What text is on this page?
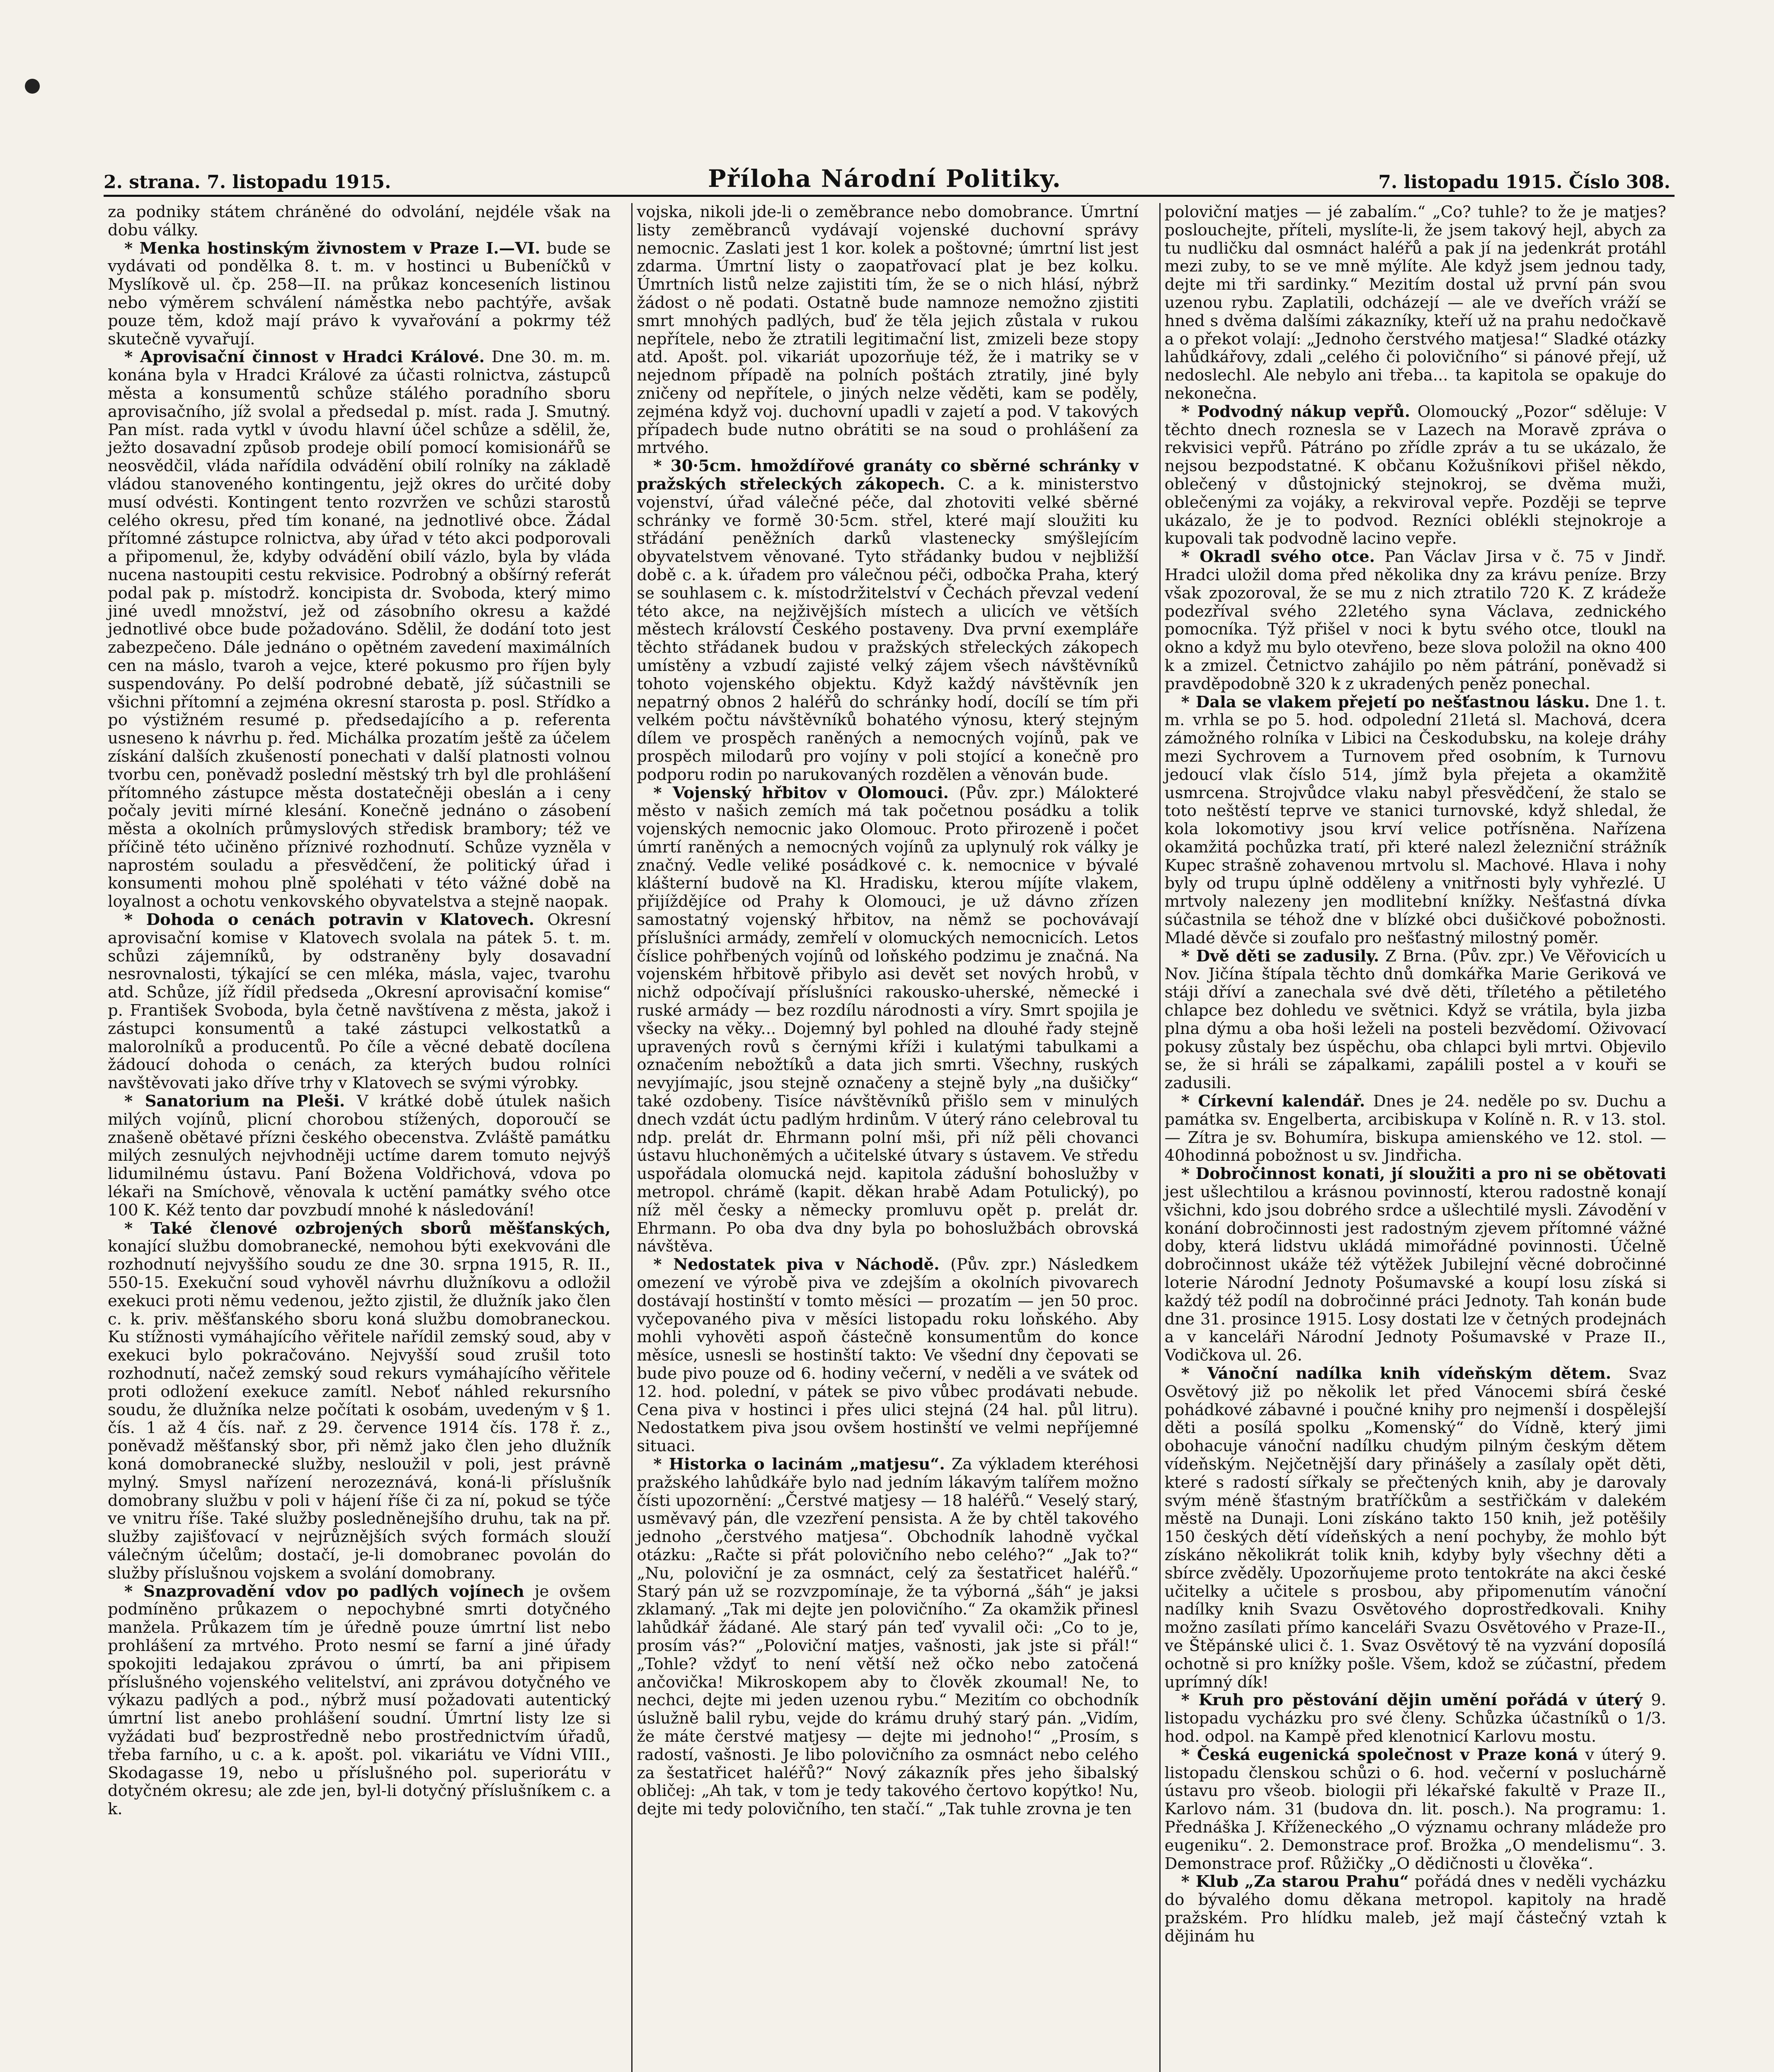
2. strana. 7. listopadu 1915.	Příloha Národní Politiky.	7. listopadu 1915. Číslo 308.

za podniky státem chráněné do odvolání, nejdéle však na dobu války.

* Menka hostinským živnostem v Praze I.—VI. bude se vydávati od pondělka 8. t. m. v hostinci u Bubeníčků v Myslíkově ul. čp. 258—II. na průkaz konceseních listinou nebo výměrem schválení náměstka nebo pachtýře, avšak pouze těm, kdož mají právo k vyvařování a pokrmy též skutečně vyvařují.

* Aprovisační činnost v Hradci Králové. Dne 30. m. m. konána byla v Hradci Králové za účasti rolnictva, zástupců města a konsumentů schůze stálého poradního sboru aprovisačního, jíž svolal a předsedal p. míst. rada J. Smutný. Pan míst. rada vytkl v úvodu hlavní účel schůze a sdělil, že, ježto dosavadní způsob prodeje obilí pomocí komisionářů se neosvědčil, vláda nařídila odvádění obilí rolníky na základě vládou stanoveného kontingentu, jejž okres do určité doby musí odvésti. Kontingent tento rozvržen ve schůzi starostů celého okresu, před tím konané, na jednotlivé obce. Žádal přítomné zástupce rolnictva, aby úřad v této akci podporovali a připomenul, že, kdyby odvádění obilí vázlo, byla by vláda nucena nastoupiti cestu rekvisice. Podrobný a obšírný referát podal pak p. místodrž. koncipista dr. Svoboda, který mimo jiné uvedl množství, jež od zásobního okresu a každé jednotlivé obce bude požadováno. Sdělil, že dodání toto jest zabezpečeno. Dále jednáno o opětném zavedení maximálních cen na máslo, tvaroh a vejce, které pokusmo pro říjen byly suspendovány. Po delší podrobné debatě, jíž súčastnili se všichni přítomní a zejména okresní starosta p. posl. Střídko a po výstižném resumé p. předsedajícího a p. referenta usneseno k návrhu p. řed. Michálka prozatím ještě za účelem získání dalších zkušeností ponechati v další platnosti volnou tvorbu cen, poněvadž poslední městský trh byl dle prohlášení přítomného zástupce města dostatečněji obeslán a i ceny počaly jeviti mírné klesání. Konečně jednáno o zásobení města a okolních průmyslových středisk brambory; též ve příčině této učiněno příznivé rozhodnutí. Schůze vyzněla v naprostém souladu a přesvědčení, že politický úřad i konsumenti mohou plně spoléhati v této vážné době na loyalnost a ochotu venkovského obyvatelstva a stejně naopak.

* Dohoda o cenách potravin v Klatovech. Okresní aprovisační komise v Klatovech svolala na pátek 5. t. m. schůzi zájemníků, by odstraněny byly dosavadní nesrovnalosti, týkající se cen mléka, másla, vajec, tvarohu atd. Schůze, jíž řídil předseda „Okresní aprovisační komise“ p. František Svoboda, byla četně navštívena z města, jakož i zástupci konsumentů a také zástupci velkostatků a malorolníků a producentů. Po číle a věcné debatě docílena žádoucí dohoda o cenách, za kterých budou rolníci navštěvovati jako dříve trhy v Klatovech se svými výrobky.

* Sanatorium na Pleši. V krátké době útulek našich milých vojínů, plicní chorobou stížených, doporoučí se znašeně obětavé přízni českého obecenstva. Zvláště památku milých zesnulých nejvhodněji uctíme darem tomuto nejvýš lidumilnému ústavu. Paní Božena Voldřichová, vdova po lékaři na Smíchově, věnovala k uctění památky svého otce 100 K. Kéž tento dar povzbudí mnohé k následování!

* Také členové ozbrojených sborů měšťanských, konající službu domobranecké, nemohou býti exekvováni dle rozhodnutí nejvyššího soudu ze dne 30. srpna 1915, R. II., 550-15. Exekuční soud vyhověl návrhu dlužníkovu a odložil exekuci proti němu vedenou, ježto zjistil, že dlužník jako člen c. k. priv. měšťanského sboru koná službu domobraneckou. Ku stížnosti vymáhajícího věřitele nařídil zemský soud, aby v exekuci bylo pokračováno. Nejvyšší soud zrušil toto rozhodnutí, načež zemský soud rekurs vymáhajícího věřitele proti odložení exekuce zamítl. Neboť náhled rekursního soudu, že dlužníka nelze počítati k osobám, uvedeným v § 1. čís. 1 až 4 čís. nař. z 29. července 1914 čís. 178 ř. z., poněvadž měšťanský sbor, při němž jako člen jeho dlužník koná domobranecké služby, nesloužil v poli, jest právně mylný. Smysl nařízení nerozeznává, koná-li příslušník domobrany službu v poli v hájení říše či za ní, pokud se týče ve vnitru říše. Také služby posledněnejšího druhu, tak na př. služby zajišťovací v nejrůznějších svých formách slouží válečným účelům; dostačí, je-li domobranec povolán do služby příslušnou vojskem a svolání domobrany.

* Snazprovadění vdov po padlých vojínech je ovšem podmíněno průkazem o nepochybné smrti dotyčného manžela. Průkazem tím je úředně pouze úmrtní list nebo prohlášení za mrtvého. Proto nesmí se farní a jiné úřady spokojiti ledajakou zprávou o úmrtí, ba ani připisem příslušného vojenského velitelství, ani zprávou dotyčného ve výkazu padlých a pod., nýbrž musí požadovati autentický úmrtní list anebo prohlášení soudní. Úmrtní listy lze si vyžádati buď bezprostředně nebo prostřednictvím úřadů, třeba farního, u c. a k. apošt. pol. vikariátu ve Vídni VIII., Skodagasse 19, nebo u příslušného pol. superiorátu v dotyčném okresu; ale zde jen, byl-li dotyčný příslušníkem c. a k.

vojska, nikoli jde-li o zeměbrance nebo domobrance. Úmrtní listy zeměbranců vydávají vojenské duchovní správy nemocnic. Zaslati jest 1 kor. kolek a poštovné; úmrtní list jest zdarma. Úmrtní listy o zaopatřovací plat je bez kolku. Úmrtních listů nelze zajistiti tím, že se o nich hlásí, nýbrž žádost o ně podati. Ostatně bude namnoze nemožno zjistiti smrt mnohých padlých, buď že těla jejich zůstala v rukou nepřítele, nebo že ztratili legitimační list, zmizeli beze stopy atd. Apošt. pol. vikariát upozorňuje též, že i matriky se v nejednom případě na polních poštách ztratily, jiné byly zničeny od nepřítele, o jiných nelze věděti, kam se poděly, zejména když voj. duchovní upadli v zajetí a pod. V takových případech bude nutno obrátiti se na soud o prohlášení za mrtvého.

* 30·5cm. hmoždířové granáty co sběrné schránky v pražských střeleckých zákopech. C. a k. ministerstvo vojenství, úřad válečné péče, dal zhotoviti velké sběrné schránky ve formě 30·5cm. střel, které mají sloužiti ku střádání peněžních darků vlastenecky smýšlejícím obyvatelstvem věnované. Tyto střádanky budou v nejbližší době c. a k. úřadem pro válečnou péči, odbočka Praha, který se souhlasem c. k. místodržitelství v Čechách převzal vedení této akce, na nejživějších místech a ulicích ve větších městech královstí Českého postaveny. Dva první exempláře těchto střádanek budou v pražských střeleckých zákopech umístěny a vzbudí zajisté velký zájem všech návštěvníků tohoto vojenského objektu. Když každý návštěvník jen nepatrný obnos 2 haléřů do schránky hodí, docílí se tím při velkém počtu návštěvníků bohatého výnosu, který stejným dílem ve prospěch raněných a nemocných vojínů, pak ve prospěch milodarů pro vojíny v poli stojící a konečně pro podporu rodin po narukovaných rozdělen a věnován bude.

* Vojenský hřbitov v Olomouci. (Pův. zpr.) Málokteré město v našich zemích má tak početnou posádku a tolik vojenských nemocnic jako Olomouc. Proto přirozeně i počet úmrtí raněných a nemocných vojínů za uplynulý rok války je značný. Vedle veliké posádkové c. k. nemocnice v bývalé klášterní budově na Kl. Hradisku, kterou míjíte vlakem, přijíždějíce od Prahy k Olomouci, je už dávno zřízen samostatný vojenský hřbitov, na němž se pochovávají příslušníci armády, zemřelí v olomuckých nemocnicích. Letos číslice pohřbených vojínů od loňského podzimu je značná. Na vojenském hřbitově přibylo asi devět set nových hrobů, v nichž odpočívají příslušníci rakousko-uherské, německé i ruské armády — bez rozdílu národnosti a víry. Smrt spojila je všecky na věky... Dojemný byl pohled na dlouhé řady stejně upravených rovů s černými kříži i kulatými tabulkami a označením nebožtíků a data jich smrti. Všechny, ruských nevyjímajíc, jsou stejně označeny a stejně byly „na dušičky“ také ozdobeny. Tisíce návštěvníků přišlo sem v minulých dnech vzdát úctu padlým hrdinům. V úterý ráno celebroval tu ndp. prelát dr. Ehrmann polní mši, při níž pěli chovanci ústavu hluchoněmých a učitelské útvary s ústavem. Ve středu uspořádala olomucká nejd. kapitola zádušní bohoslužby v metropol. chrámě (kapit. děkan hrabě Adam Potulický), po níž měl česky a německy promluvu opět p. prelát dr. Ehrmann. Po oba dva dny byla po bohoslužbách obrovská návštěva.

* Nedostatek piva v Náchodě. (Pův. zpr.) Následkem omezení ve výrobě piva ve zdejším a okolních pivovarech dostávají hostinští v tomto měsíci — prozatím — jen 50 proc. vyčepovaného piva v měsíci listopadu roku loňského. Aby mohli vyhověti aspoň částečně konsumentům do konce měsíce, usnesli se hostinští takto: Ve všední dny čepovati se bude pivo pouze od 6. hodiny večerní, v neděli a ve svátek od 12. hod. polední, v pátek se pivo vůbec prodávati nebude. Cena piva v hostinci i přes ulici stejná (24 hal. půl litru). Nedostatkem piva jsou ovšem hostinští ve velmi nepříjemné situaci.

* Historka o lacinám „matjesu“. Za výkladem kteréhosi pražského lahůdkáře bylo nad jedním lákavým talířem možno čísti upozornění: „Čerstvé matjesy — 18 haléřů.“ Veselý starý, usměvavý pán, dle vzezření pensista. A že by chtěl takového jednoho „čerstvého matjesa“. Obchodník lahodně vyčkal otázku: „Račte si přát polovičního nebo celého?“ „Jak to?“ „Nu, poloviční je za osmnáct, celý za šestatřicet haléřů.“ Starý pán už se rozvzpomínaje, že ta výborná „šáh“ je jaksi zklamaný. „Tak mi dejte jen polovičního.“ Za okamžik přinesl lahůdkář žádané. Ale starý pán teď vyvalil oči: „Co to je, prosím vás?“ „Poloviční matjes, vašnosti, jak jste si přál!“ „Tohle? vždyť to není větší než očko nebo zatočená ančovička! Mikroskopem aby to člověk zkoumal! Ne, to nechci, dejte mi jeden uzenou rybu.“ Mezitím co obchodník úslužně balil rybu, vejde do krámu druhý starý pán. „Vidím, že máte čerstvé matjesy — dejte mi jednoho!“ „Prosím, s radostí, vašnosti. Je libo polovičního za osmnáct nebo celého za šestatřicet haléřů?“ Nový zákazník přes jeho šibalský obličej: „Ah tak, v tom je tedy takového čertovo kopýtko! Nu, dejte mi tedy polovičního, ten stačí.“ „Tak tuhle zrovna je ten

poloviční matjes — jé zabalím.“ „Co? tuhle? to že je matjes? poslouchejte, příteli, myslíte-li, že jsem takový hejl, abych za tu nudličku dal osmnáct haléřů a pak jí na jedenkrát protáhl mezi zuby, to se ve mně mýlíte. Ale když jsem jednou tady, dejte mi tři sardinky.“ Mezitím dostal už první pán svou uzenou rybu. Zaplatili, odcházejí — ale ve dveřích vráží se hned s dvěma dalšími zákazníky, kteří už na prahu nedočkavě a o překot volají: „Jednoho čerstvého matjesa!“ Sladké otázky lahůdkářovy, zdali „celého či polovičního“ si pánové přejí, už nedoslechl. Ale nebylo ani třeba... ta kapitola se opakuje do nekonečna.

* Podvodný nákup vepřů. Olomoucký „Pozor“ sděluje: V těchto dnech roznesla se v Lazech na Moravě zpráva o rekvisici vepřů. Pátráno po zřídle zpráv a tu se ukázalo, že nejsou bezpodstatné. K občanu Kožušníkovi přišel někdo, oblečený v důstojnický stejnokroj, se dvěma muži, oblečenými za vojáky, a rekviroval vepře. Později se teprve ukázalo, že je to podvod. Rezníci oblékli stejnokroje a kupovali tak podvodně lacino vepře.

* Okradl svého otce. Pan Václav Jirsa v č. 75 v Jindř. Hradci uložil doma před několika dny za krávu peníze. Brzy však zpozoroval, že se mu z nich ztratilo 720 K. Z krádeže podezříval svého 22letého syna Václava, zednického pomocníka. Týž přišel v noci k bytu svého otce, tloukl na okno a když mu bylo otevřeno, beze slova položil na okno 400 k a zmizel. Četnictvo zahájilo po něm pátrání, poněvadž si pravděpodobně 320 k z ukradených peněz ponechal.

* Dala se vlakem přejetí po nešťastnou lásku. Dne 1. t. m. vrhla se po 5. hod. odpolední 21letá sl. Machová, dcera zámožného rolníka v Libici na Českodubsku, na koleje dráhy mezi Sychrovem a Turnovem před osobním, k Turnovu jedoucí vlak číslo 514, jímž byla přejeta a okamžitě usmrcena. Strojvůdce vlaku nabyl přesvědčení, že stalo se toto neštěstí teprve ve stanici turnovské, když shledal, že kola lokomotivy jsou krví velice potřísněna. Nařízena okamžitá pochůzka tratí, při které nalezl železniční strážník Kupec strašně zohavenou mrtvolu sl. Machové. Hlava i nohy byly od trupu úplně odděleny a vnitřnosti byly vyhřezlé. U mrtvoly nalezeny jen modlitební knížky. Nešťastná dívka súčastnila se téhož dne v blízké obci dušičkové pobožnosti. Mladé děvče si zoufalo pro nešťastný milostný poměr.

* Dvě děti se zadusily. Z Brna. (Pův. zpr.) Ve Věřovicích u Nov. Jičína štípala těchto dnů domkářka Marie Geriková ve stáji dříví a zanechala své dvě děti, tříletého a pětiletého chlapce bez dohledu ve světnici. Když se vrátila, byla jizba plna dýmu a oba hoši leželi na posteli bezvědomí. Oživovací pokusy zůstaly bez úspěchu, oba chlapci byli mrtvi. Objevilo se, že si hráli se zápalkami, zapálili postel a v kouři se zadusili.

* Církevní kalendář. Dnes je 24. neděle po sv. Duchu a památka sv. Engelberta, arcibiskupa v Kolíně n. R. v 13. stol. — Zítra je sv. Bohumíra, biskupa amienského ve 12. stol. — 40hodinná pobožnost u sv. Jindřicha.

* Dobročinnost konati, jí sloužiti a pro ni se obětovati jest ušlechtilou a krásnou povinností, kterou radostně konají všichni, kdo jsou dobrého srdce a ušlechtilé mysli. Závodění v konání dobročinnosti jest radostným zjevem přítomné vážné doby, která lidstvu ukládá mimořádné povinnosti. Účelně dobročinnost ukáže též výtěžek Jubilejní věcné dobročinné loterie Národní Jednoty Pošumavské a koupí losu získá si každý též podíl na dobročinné práci Jednoty. Tah konán bude dne 31. prosince 1915. Losy dostati lze v četných prodejnách a v kanceláři Národní Jednoty Pošumavské v Praze II., Vodičkova ul. 26.

* Vánoční nadílka knih vídeňským dětem. Svaz Osvětový již po několik let před Vánocemi sbírá české pohádkové zábavné i poučné knihy pro nejmenší i dospělejší děti a posílá spolku „Komenský“ do Vídně, který jimi obohacuje vánoční nadílku chudým pilným českým dětem vídeňským. Nejčetnější dary přinášely a zasílaly opět děti, které s radostí sířkaly se přečtených knih, aby je darovaly svým méně šťastným bratříčkům a sestřičkám v dalekém městě na Dunaji. Loni získáno takto 150 knih, jež potěšily 150 českých dětí vídeňských a není pochyby, že mohlo být získáno několikrát tolik knih, kdyby byly všechny děti a sbírce zvěděly. Upozorňujeme proto tentokráte na akci české učitelky a učitele s prosbou, aby připomenutím vánoční nadílky knih Svazu Osvětového doprostředkovali. Knihy možno zasílati přímo kanceláři Svazu Osvětového v Praze-II., ve Štěpánské ulici č. 1. Svaz Osvětový tě na vyzvání doposílá ochotně si pro knížky pošle. Všem, kdož se zúčastní, předem uprímný dík!

* Kruh pro pěstování dějin umění pořádá v úterý 9. listopadu vycházku pro své členy. Schůzka účastníků o 1/3. hod. odpol. na Kampě před klenotnicí Karlovu mostu.

* Česká eugenická společnost v Praze koná v úterý 9. listopadu členskou schůzi o 6. hod. večerní v posluchárně ústavu pro všeob. biologii při lékařské fakultě v Praze II., Karlovo nám. 31 (budova dn. lit. posch.). Na programu: 1. Přednáška J. Kříženeckého „O významu ochrany mládeže pro eugeniku“. 2. Demonstrace prof. Brožka „O mendelismu“. 3. Demonstrace prof. Růžičky „O dědičnosti u člověka“.

* Klub „Za starou Prahu“ pořádá dnes v neděli vycházku do bývalého domu děkana metropol. kapitoly na hradě pražském. Pro hlídku maleb, jež mají částečný vztah k dějinám hu
